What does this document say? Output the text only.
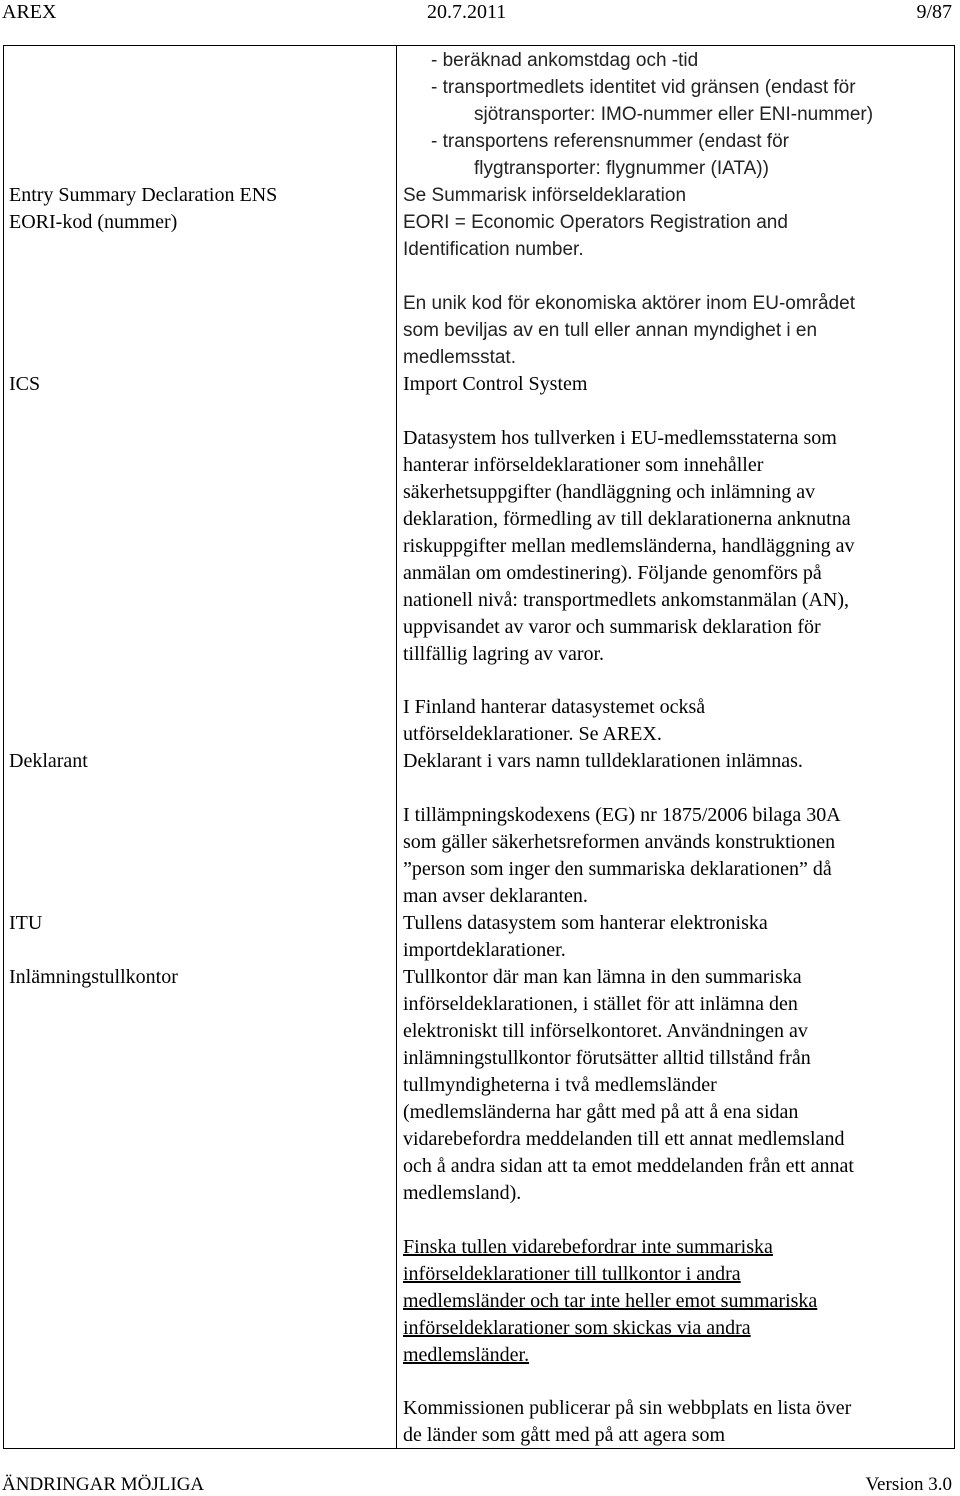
AREX	20.7.2011	9/87
- beräknad ankomstdag och -tid
- transportmedlets identitet vid gränsen (endast för
sjötransporter: IMO-nummer eller ENI-nummer)
- transportens referensnummer (endast för
flygtransporter: flygnummer (IATA))
Entry Summary Declaration ENS	Se Summarisk införseldeklaration
EORI-kod (nummer)	EORI = Economic Operators Registration and
Identification number.
En unik kod för ekonomiska aktörer inom EU-området
som beviljas av en tull eller annan myndighet i en
medlemsstat.
ICS	Import Control System
Datasystem hos tullverken i EU-medlemsstaterna som
hanterar införseldeklarationer som innehåller
säkerhetsuppgifter (handläggning och inlämning av
deklaration, förmedling av till deklarationerna anknutna
riskuppgifter mellan medlemsländerna, handläggning av
anmälan om omdestinering). Följande genomförs på
nationell nivå: transportmedlets ankomstanmälan (AN),
uppvisandet av varor och summarisk deklaration för
tillfällig lagring av varor.
I Finland hanterar datasystemet också
utförseldeklarationer. Se AREX.
Deklarant	Deklarant i vars namn tulldeklarationen inlämnas.
I tillämpningskodexens (EG) nr 1875/2006 bilaga 30A
som gäller säkerhetsreformen används konstruktionen
”person som inger den summariska deklarationen” då
man avser deklaranten.
ITU	Tullens datasystem som hanterar elektroniska
importdeklarationer.
Inlämningstullkontor	Tullkontor där man kan lämna in den summariska
införseldeklarationen, i stället för att inlämna den
elektroniskt till införselkontoret. Användningen av
inlämningstullkontor förutsätter alltid tillstånd från
tullmyndigheterna i två medlemsländer
(medlemsländerna har gått med på att å ena sidan
vidarebefordra meddelanden till ett annat medlemsland
och å andra sidan att ta emot meddelanden från ett annat
medlemsland).
Finska tullen vidarebefordrar inte summariska
införseldeklarationer till tullkontor i andra
medlemsländer och tar inte heller emot summariska
införseldeklarationer som skickas via andra
medlemsländer.
Kommissionen publicerar på sin webbplats en lista över
de länder som gått med på att agera som
ÄNDRINGAR MÖJLIGA	Version 3.0
